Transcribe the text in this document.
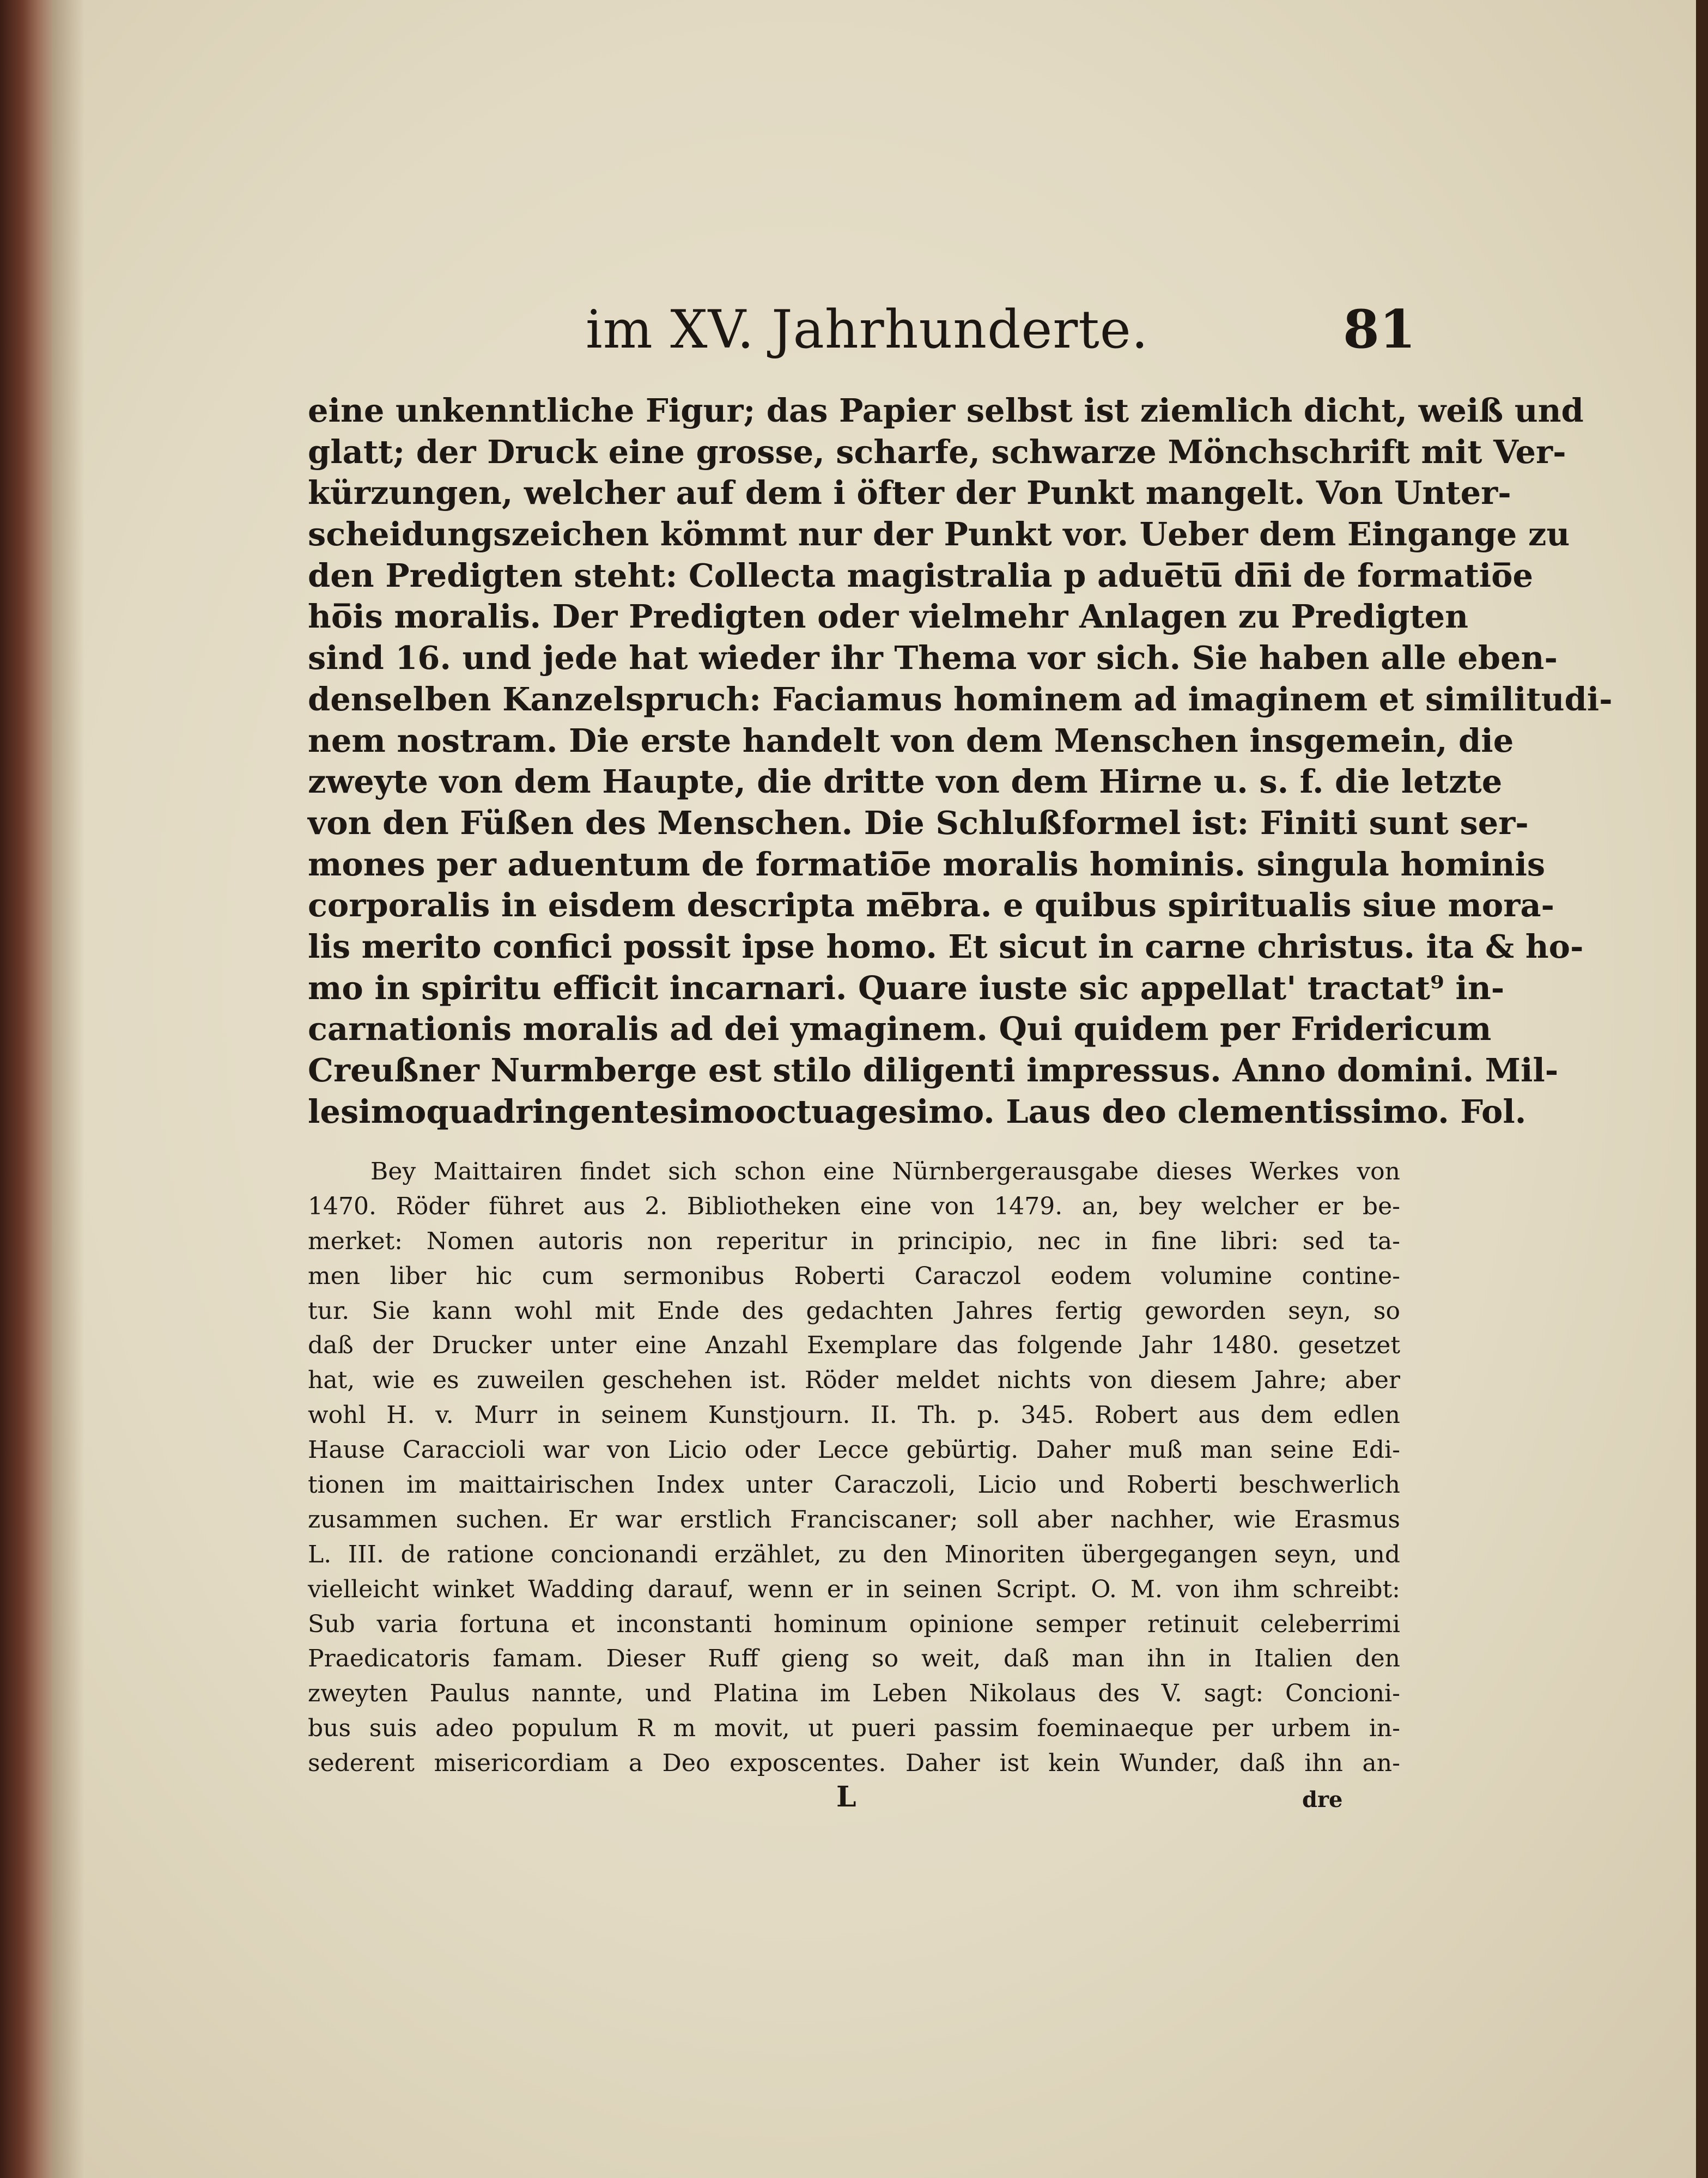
im XV. Jahrhunderte.	81
eine unkenntliche Figur; das Papier selbst ist ziemlich dicht, weiß und
glatt; der Druck eine grosse, scharfe, schwarze Mönchschrift mit Ver-
kürzungen, welcher auf dem i öfter der Punkt mangelt. Von Unter-
scheidungszeichen kömmt nur der Punkt vor. Ueber dem Eingange zu
den Predigten steht: Collecta magistralia p adue̅tu̅ dn̅i de formatio̅e
ho̅is moralis. Der Predigten oder vielmehr Anlagen zu Predigten
sind 16. und jede hat wieder ihr Thema vor sich. Sie haben alle eben-
denselben Kanzelspruch: Faciamus hominem ad imaginem et similitudi-
nem nostram. Die erste handelt von dem Menschen insgemein, die
zweyte von dem Haupte, die dritte von dem Hirne u. s. f. die letzte
von den Füßen des Menschen. Die Schlußformel ist: Finiti sunt ser-
mones per aduentum de formatio̅e moralis hominis. singula hominis
corporalis in eisdem descripta me̅bra. e quibus spiritualis siue mora-
lis merito confici possit ipse homo. Et sicut in carne christus. ita & ho-
mo in spiritu efficit incarnari. Quare iuste sic appellat' tractat⁹ in-
carnationis moralis ad dei ymaginem. Qui quidem per Fridericum
Creußner Nurmberge est stilo diligenti impressus. Anno domini. Mil-
lesimoquadringentesimooctuagesimo. Laus deo clementissimo. Fol.
Bey Maittairen findet sich schon eine Nürnbergerausgabe dieses Werkes von
1470. Röder führet aus 2. Bibliotheken eine von 1479. an, bey welcher er be-
merket: Nomen autoris non reperitur in principio, nec in fine libri: sed ta-
men liber hic cum sermonibus Roberti Caraczol eodem volumine contine-
tur. Sie kann wohl mit Ende des gedachten Jahres fertig geworden seyn, so
daß der Drucker unter eine Anzahl Exemplare das folgende Jahr 1480. gesetzet
hat, wie es zuweilen geschehen ist. Röder meldet nichts von diesem Jahre; aber
wohl H. v. Murr in seinem Kunstjourn. II. Th. p. 345. Robert aus dem edlen
Hause Caraccioli war von Licio oder Lecce gebürtig. Daher muß man seine Edi-
tionen im maittairischen Index unter Caraczoli, Licio und Roberti beschwerlich
zusammen suchen. Er war erstlich Franciscaner; soll aber nachher, wie Erasmus
L. III. de ratione concionandi erzählet, zu den Minoriten übergegangen seyn, und
vielleicht winket Wadding darauf, wenn er in seinen Script. O. M. von ihm schreibt:
Sub varia fortuna et inconstanti hominum opinione semper retinuit celeberrimi
Praedicatoris famam. Dieser Ruff gieng so weit, daß man ihn in Italien den
zweyten Paulus nannte, und Platina im Leben Nikolaus des V. sagt: Concioni-
bus suis adeo populum R m movit, ut pueri passim foeminaeque per urbem in-
sederent misericordiam a Deo exposcentes. Daher ist kein Wunder, daß ihn an-
L	dre
